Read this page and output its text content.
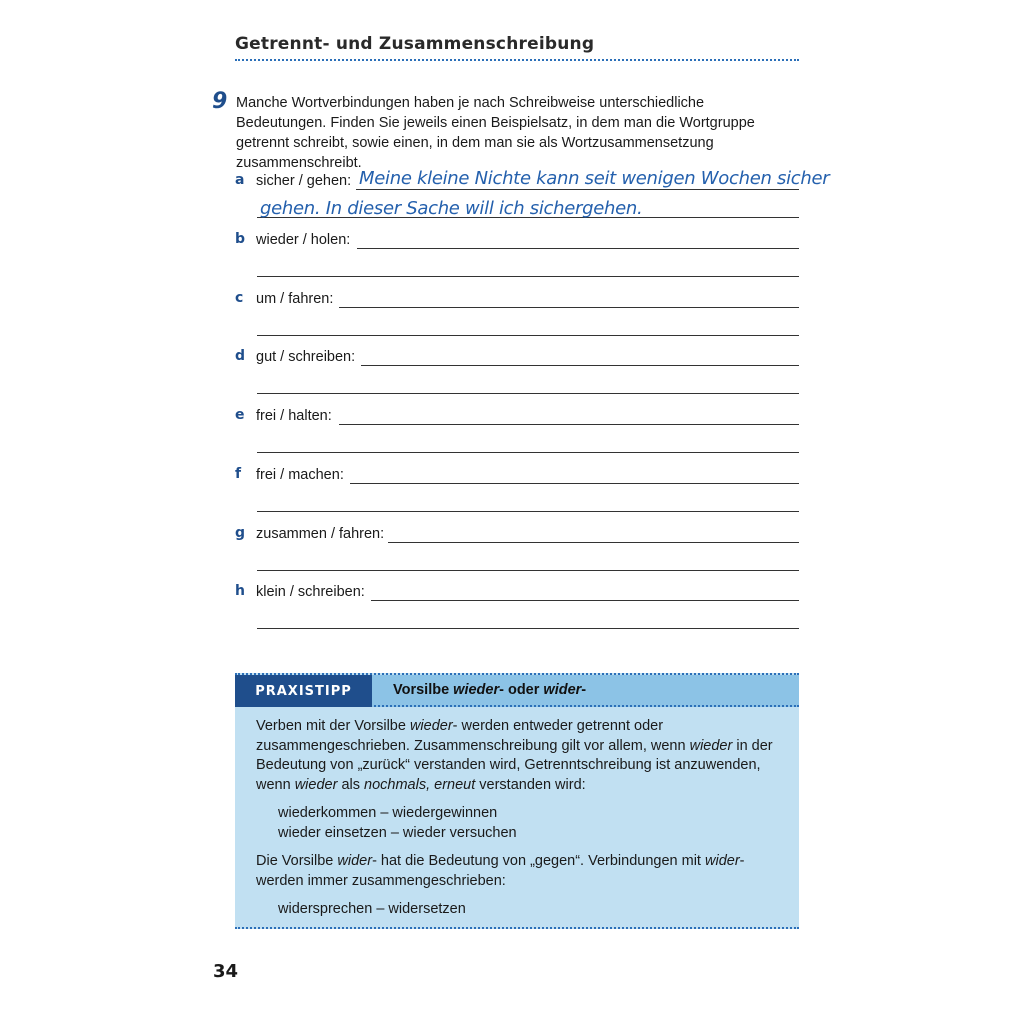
Getrennt- und Zusammenschreibung
9 Manche Wortverbindungen haben je nach Schreibweise unterschiedliche Bedeutungen. Finden Sie jeweils einen Beispielsatz, in dem man die Wortgruppe getrennt schreibt, sowie einen, in dem man sie als Wortzusammensetzung zusammenschreibt.
a sicher / gehen: Meine kleine Nichte kann seit wenigen Wochen sicher
gehen. In dieser Sache will ich sichergehen.
b wieder / holen:
c um / fahren:
d gut / schreiben:
e frei / halten:
f frei / machen:
g zusammen / fahren:
h klein / schreiben:
PRAXISTIPP	Vorsilbe wieder- oder wider-

Verben mit der Vorsilbe wieder- werden entweder getrennt oder zusammengeschrieben. Zusammenschreibung gilt vor allem, wenn wieder in der Bedeutung von „zurück“ verstanden wird, Getrenntschreibung ist anzuwenden, wenn wieder als nochmals, erneut verstanden wird:

wiederkommen – wiedergewinnen
wieder einsetzen – wieder versuchen

Die Vorsilbe wider- hat die Bedeutung von „gegen“. Verbindungen mit wider- werden immer zusammengeschrieben:

widersprechen – widersetzen
34
